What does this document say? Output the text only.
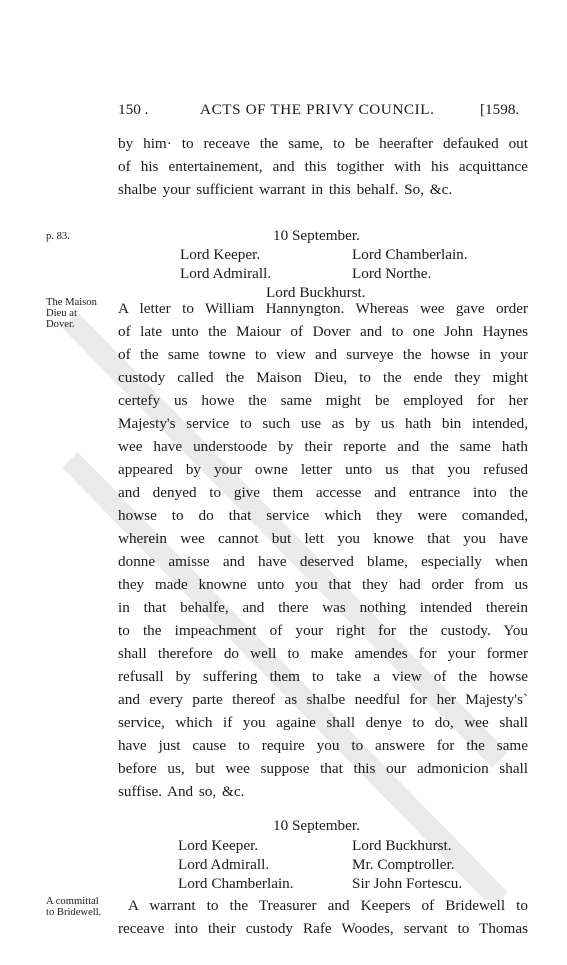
150 .	ACTS OF THE PRIVY COUNCIL.	[1598.
by him· to receave the same, to be heerafter defauked out
of his entertainement, and this togither with his acquittance
shalbe your sufficient warrant in this behalf. So, &c.
p. 83.	10 September.
Lord Keeper.	Lord Chamberlain.
Lord Admirall.	Lord Northe.
Lord Buckhurst.
The Maison
Dieu at
Dover.
A letter to William Hannyngton. Whereas wee gave order
of late unto the Maiour of Dover and to one John Haynes
of the same towne to view and surveye the howse in your
custody called the Maison Dieu, to the ende they might
certefy us howe the same might be employed for her
Majesty's service to such use as by us hath bin intended,
wee have understoode by their reporte and the same hath
appeared by your owne letter unto us that you refused
and denyed to give them accesse and entrance into the
howse to do that service which they were comanded,
wherein wee cannot but lett you knowe that you have
donne amisse and have deserved blame, especially when
they made knowne unto you that they had order from us
in that behalfe, and there was nothing intended therein
to the impeachment of your right for the custody. You
shall therefore do well to make amendes for your former
refusall by suffering them to take a view of the howse
and every parte thereof as shalbe needful for her Majesty's`
service, which if you againe shall denye to do, wee shall
have just cause to require you to answere for the same
before us, but wee suppose that this our admonicion shall
suffise. And so, &c.
10 September.
Lord Keeper.	Lord Buckhurst.
Lord Admirall.	Mr. Comptroller.
Lord Chamberlain.	Sir John Fortescu.
A committal
to Bridewell. A warrant to the Treasurer and Keepers of Bridewell to
receave into their custody Rafe Woodes, servant to Thomas
